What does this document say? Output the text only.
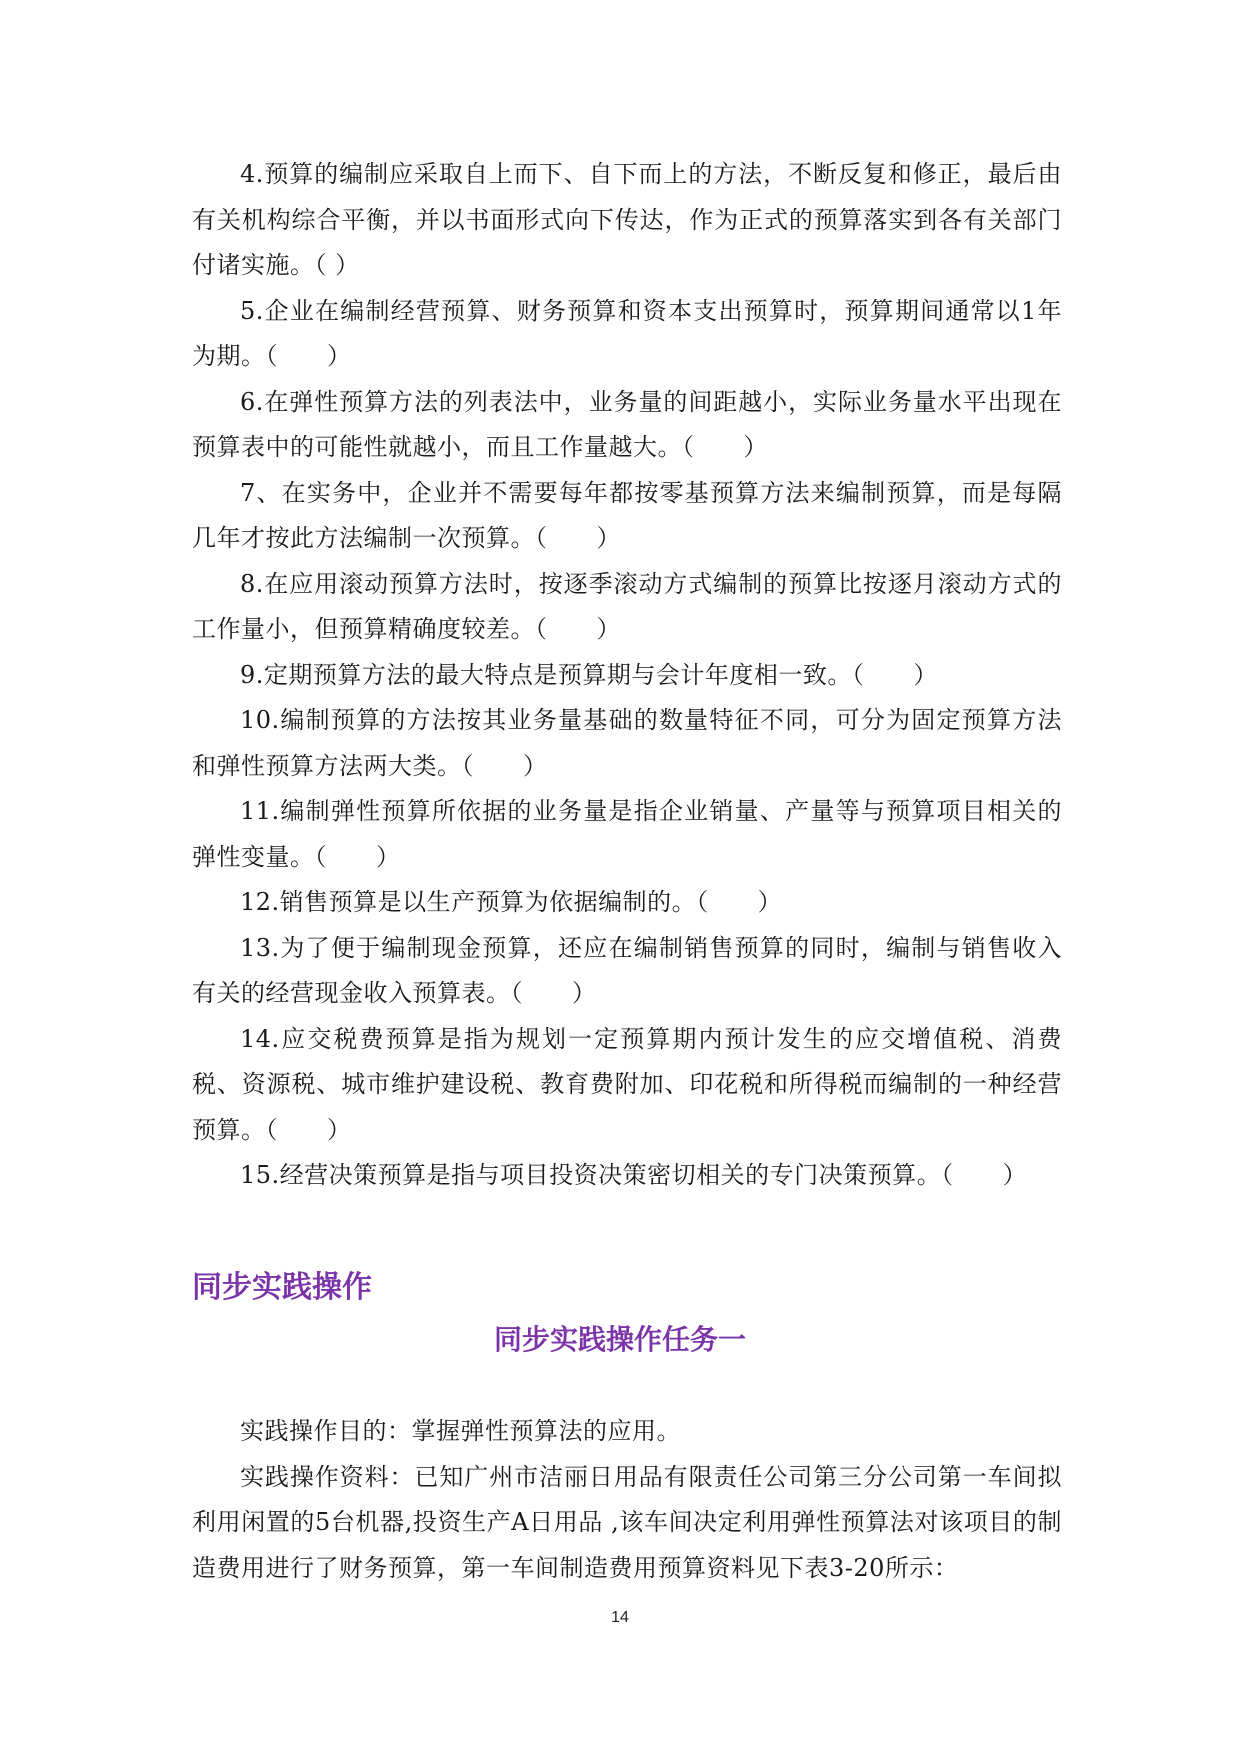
4.预算的编制应采取自上而下、自下而上的方法，不断反复和修正，最后由有关机构综合平衡，并以书面形式向下传达，作为正式的预算落实到各有关部门付诸实施。（ ）

5.企业在编制经营预算、财务预算和资本支出预算时，预算期间通常以1年为期。（　　）

6.在弹性预算方法的列表法中，业务量的间距越小，实际业务量水平出现在预算表中的可能性就越小，而且工作量越大。（　　）

7、在实务中，企业并不需要每年都按零基预算方法来编制预算，而是每隔几年才按此方法编制一次预算。（　　）

8.在应用滚动预算方法时，按逐季滚动方式编制的预算比按逐月滚动方式的工作量小，但预算精确度较差。（　　）

9.定期预算方法的最大特点是预算期与会计年度相一致。（　　）

10.编制预算的方法按其业务量基础的数量特征不同，可分为固定预算方法和弹性预算方法两大类。（　　）

11.编制弹性预算所依据的业务量是指企业销量、产量等与预算项目相关的弹性变量。（　　）

12.销售预算是以生产预算为依据编制的。（　　）

13.为了便于编制现金预算，还应在编制销售预算的同时，编制与销售收入有关的经营现金收入预算表。（　　）

14.应交税费预算是指为规划一定预算期内预计发生的应交增值税、消费税、资源税、城市维护建设税、教育费附加、印花税和所得税而编制的一种经营预算。（　　）

15.经营决策预算是指与项目投资决策密切相关的专门决策预算。（　　）

同步实践操作
同步实践操作任务一

实践操作目的：掌握弹性预算法的应用。

实践操作资料：已知广州市洁丽日用品有限责任公司第三分公司第一车间拟利用闲置的5台机器,投资生产A日用品 ,该车间决定利用弹性预算法对该项目的制造费用进行了财务预算，第一车间制造费用预算资料见下表3-20所示：

14
